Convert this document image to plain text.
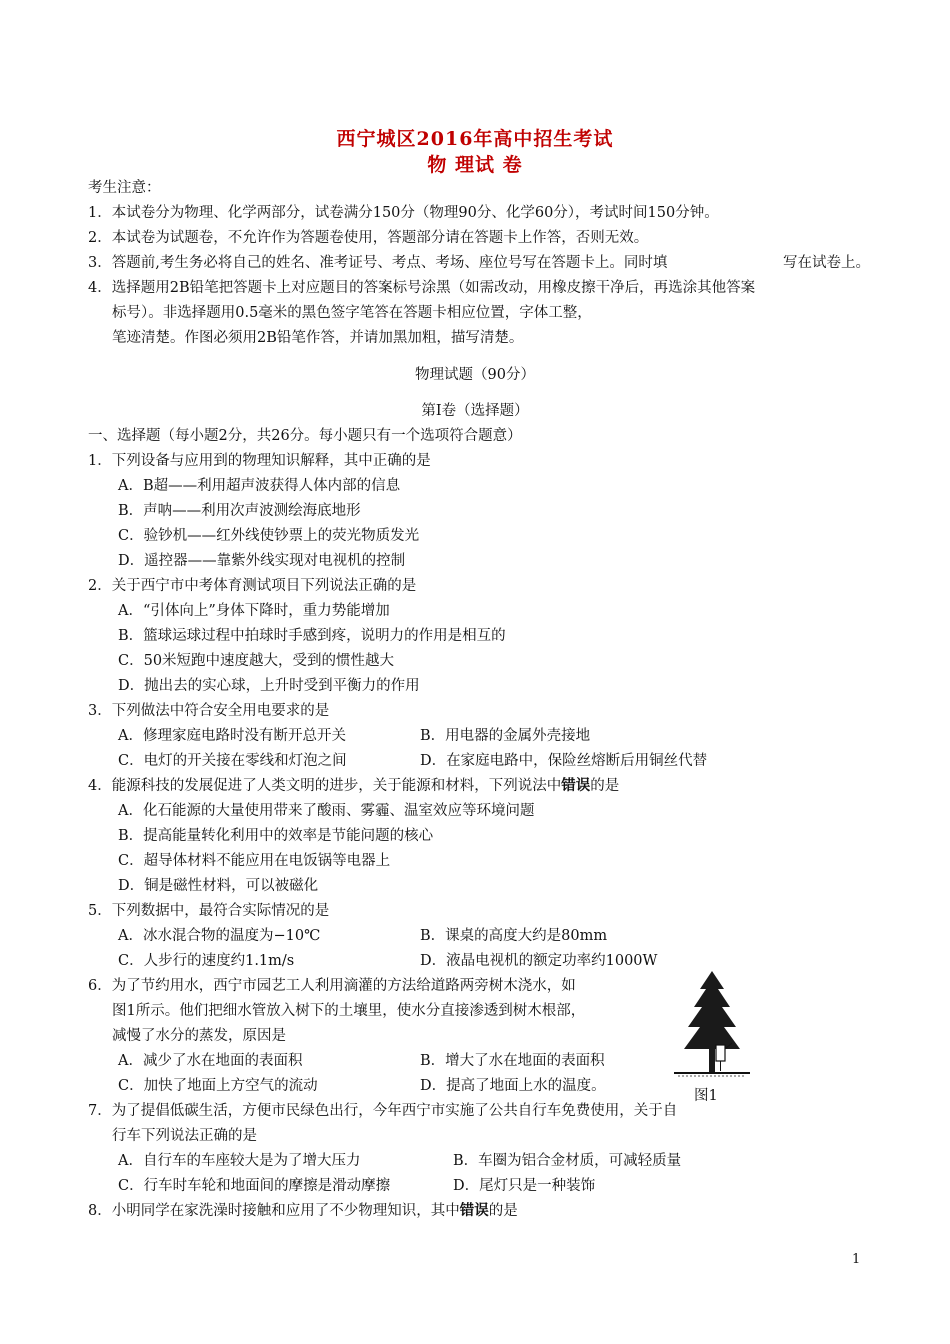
西宁城区2016年高中招生考试
物 理试 卷
考生注意：
1．本试卷分为物理、化学两部分，试卷满分150分（物理90分、化学60分），考试时间150分钟。
2．本试卷为试题卷，不允许作为答题卷使用，答题部分请在答题卡上作答，否则无效。
3．答题前,考生务必将自己的姓名、准考证号、考点、考场、座位号写在答题卡上。同时填	写在试卷上。
4．选择题用2B铅笔把答题卡上对应题目的答案标号涂黑（如需改动，用橡皮擦干净后，再选涂其他答案
标号）。非选择题用0.5毫米的黑色签字笔答在答题卡相应位置，字体工整，
笔迹清楚。作图必须用2B铅笔作答，并请加黑加粗，描写清楚。
物理试题（90分）
第Ⅰ卷（选择题）
一、选择题（每小题2分，共26分。每小题只有一个选项符合题意）
1．下列设备与应用到的物理知识解释，其中正确的是
A．B超——利用超声波获得人体内部的信息
B．声呐——利用次声波测绘海底地形
C．验钞机——红外线使钞票上的荧光物质发光
D．遥控器——靠紫外线实现对电视机的控制
2．关于西宁市中考体育测试项目下列说法正确的是
A．“引体向上”身体下降时，重力势能增加
B．篮球运球过程中拍球时手感到疼，说明力的作用是相互的
C．50米短跑中速度越大，受到的惯性越大
D．抛出去的实心球，上升时受到平衡力的作用
3．下列做法中符合安全用电要求的是
A．修理家庭电路时没有断开总开关	B．用电器的金属外壳接地
C．电灯的开关接在零线和灯泡之间	D．在家庭电路中，保险丝熔断后用铜丝代替
4．能源科技的发展促进了人类文明的进步，关于能源和材料，下列说法中错误的是
A．化石能源的大量使用带来了酸雨、雾霾、温室效应等环境问题
B．提高能量转化利用中的效率是节能问题的核心
C．超导体材料不能应用在电饭锅等电器上
D．铜是磁性材料，可以被磁化
5．下列数据中，最符合实际情况的是
A．冰水混合物的温度为−10℃	B．课桌的高度大约是80mm
C．人步行的速度约1.1m/s	D．液晶电视机的额定功率约1000W
6．为了节约用水，西宁市园艺工人利用滴灌的方法给道路两旁树木浇水，如
图1所示。他们把细水管放入树下的土壤里，使水分直接渗透到树木根部，
减慢了水分的蒸发，原因是
A．减少了水在地面的表面积	B．增大了水在地面的表面积
C．加快了地面上方空气的流动	D．提高了地面上水的温度。
图1
7．为了提倡低碳生活，方便市民绿色出行，今年西宁市实施了公共自行车免费使用，关于自
行车下列说法正确的是
A．自行车的车座较大是为了增大压力	B．车圈为铝合金材质，可减轻质量
C．行车时车轮和地面间的摩擦是滑动摩擦	D．尾灯只是一种装饰
8．小明同学在家洗澡时接触和应用了不少物理知识，其中错误的是
1
